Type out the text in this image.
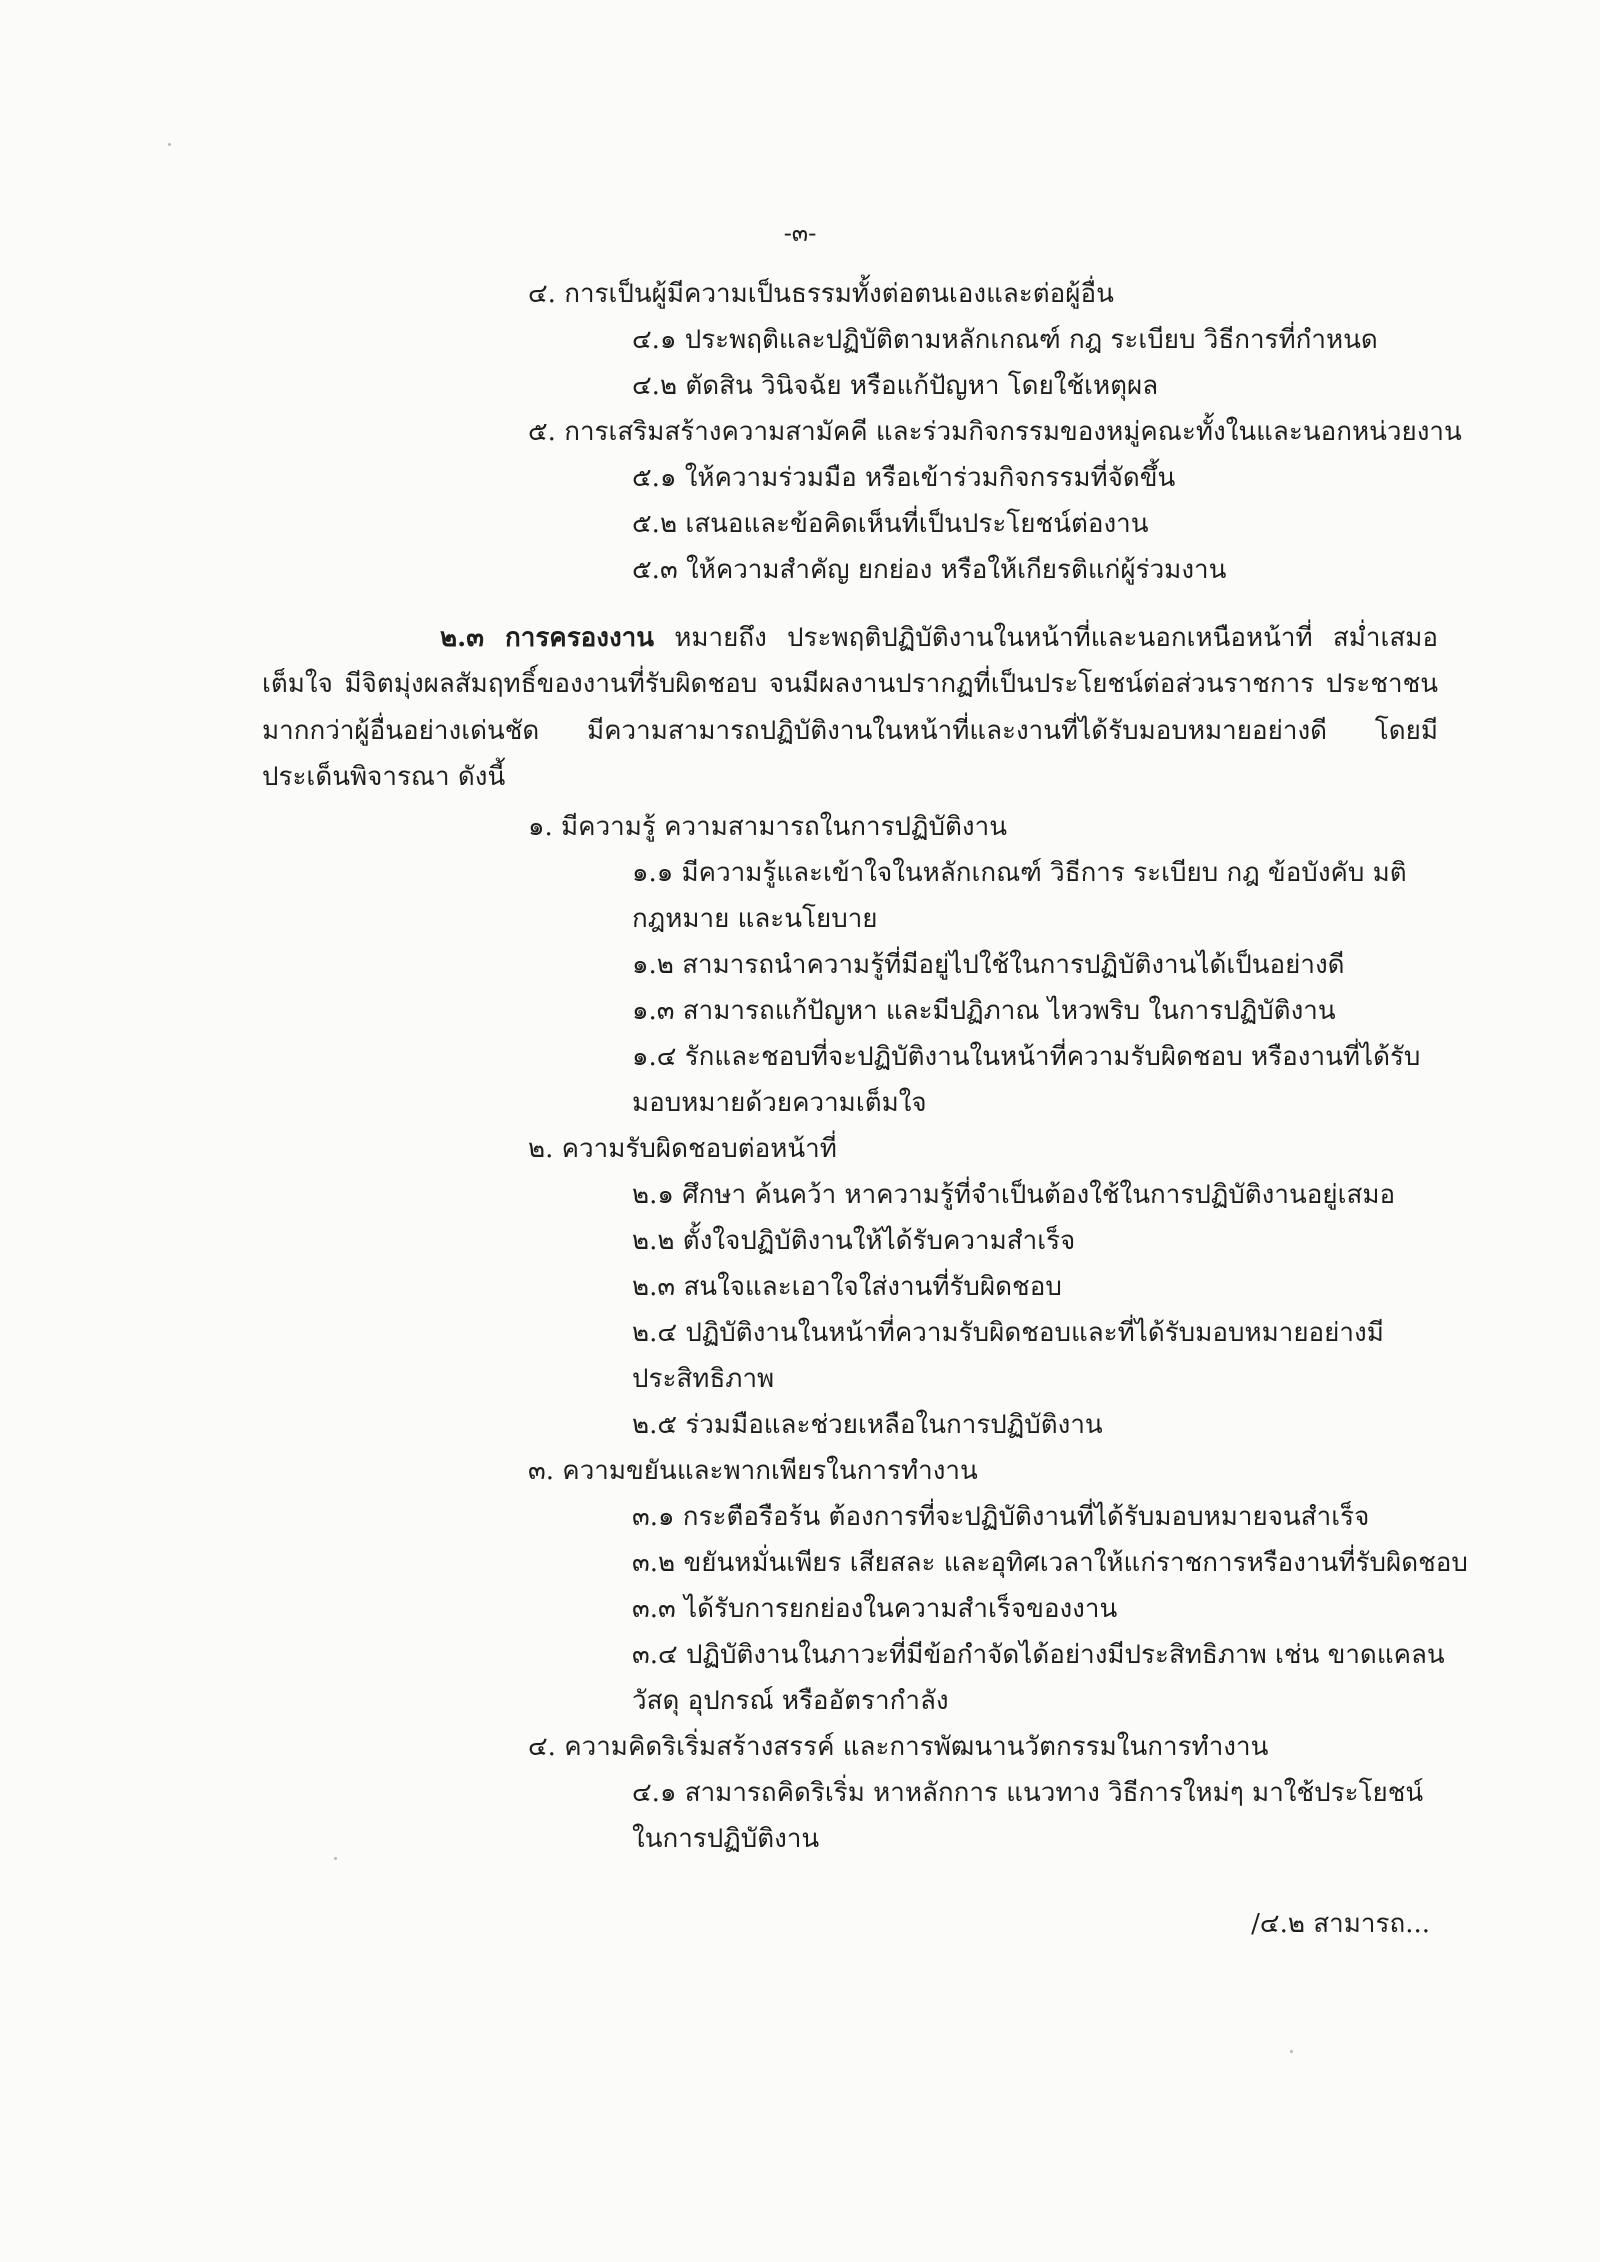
-๓-
๔. การเป็นผู้มีความเป็นธรรมทั้งต่อตนเองและต่อผู้อื่น
๔.๑ ประพฤติและปฏิบัติตามหลักเกณฑ์ กฎ ระเบียบ วิธีการที่กำหนด
๔.๒ ตัดสิน วินิจฉัย หรือแก้ปัญหา โดยใช้เหตุผล
๕. การเสริมสร้างความสามัคคี และร่วมกิจกรรมของหมู่คณะทั้งในและนอกหน่วยงาน
๕.๑ ให้ความร่วมมือ หรือเข้าร่วมกิจกรรมที่จัดขึ้น
๕.๒ เสนอและข้อคิดเห็นที่เป็นประโยชน์ต่องาน
๕.๓ ให้ความสำคัญ ยกย่อง หรือให้เกียรติแก่ผู้ร่วมงาน
๒.๓ การครองงาน หมายถึง ประพฤติปฏิบัติงานในหน้าที่และนอกเหนือหน้าที่ สม่ำเสมอ เต็มใจ มีจิตมุ่งผลสัมฤทธิ์ของงานที่รับผิดชอบ จนมีผลงานปรากฏที่เป็นประโยชน์ต่อส่วนราชการ ประชาชน มากกว่าผู้อื่นอย่างเด่นชัด มีความสามารถปฏิบัติงานในหน้าที่และงานที่ได้รับมอบหมายอย่างดี โดยมีประเด็นพิจารณา ดังนี้
๑. มีความรู้ ความสามารถในการปฏิบัติงาน
๑.๑ มีความรู้และเข้าใจในหลักเกณฑ์ วิธีการ ระเบียบ กฎ ข้อบังคับ มติ
กฎหมาย และนโยบาย
๑.๒ สามารถนำความรู้ที่มีอยู่ไปใช้ในการปฏิบัติงานได้เป็นอย่างดี
๑.๓ สามารถแก้ปัญหา และมีปฏิภาณ ไหวพริบ ในการปฏิบัติงาน
๑.๔ รักและชอบที่จะปฏิบัติงานในหน้าที่ความรับผิดชอบ หรืองานที่ได้รับ
มอบหมายด้วยความเต็มใจ
๒. ความรับผิดชอบต่อหน้าที่
๒.๑ ศึกษา ค้นคว้า หาความรู้ที่จำเป็นต้องใช้ในการปฏิบัติงานอยู่เสมอ
๒.๒ ตั้งใจปฏิบัติงานให้ได้รับความสำเร็จ
๒.๓ สนใจและเอาใจใส่งานที่รับผิดชอบ
๒.๔ ปฏิบัติงานในหน้าที่ความรับผิดชอบและที่ได้รับมอบหมายอย่างมี
ประสิทธิภาพ
๒.๕ ร่วมมือและช่วยเหลือในการปฏิบัติงาน
๓. ความขยันและพากเพียรในการทำงาน
๓.๑ กระตือรือร้น ต้องการที่จะปฏิบัติงานที่ได้รับมอบหมายจนสำเร็จ
๓.๒ ขยันหมั่นเพียร เสียสละ และอุทิศเวลาให้แก่ราชการหรืองานที่รับผิดชอบ
๓.๓ ได้รับการยกย่องในความสำเร็จของงาน
๓.๔ ปฏิบัติงานในภาวะที่มีข้อกำจัดได้อย่างมีประสิทธิภาพ เช่น ขาดแคลน
วัสดุ อุปกรณ์ หรืออัตรากำลัง
๔. ความคิดริเริ่มสร้างสรรค์ และการพัฒนานวัตกรรมในการทำงาน
๔.๑ สามารถคิดริเริ่ม หาหลักการ แนวทาง วิธีการใหม่ๆ มาใช้ประโยชน์
ในการปฏิบัติงาน
/๔.๒ สามารถ...
